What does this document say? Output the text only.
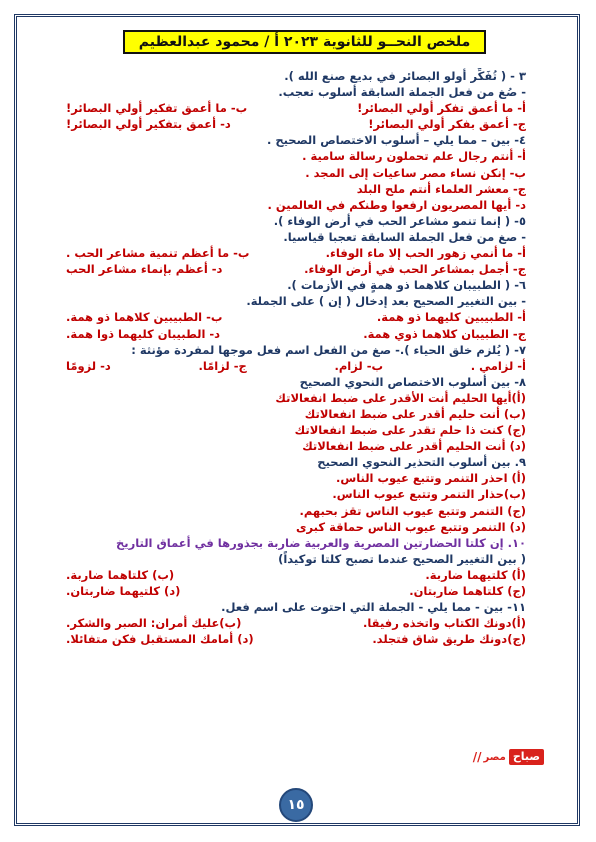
ملخص النحــو للثانوية ٢٠٢٣ أ / محمود عبدالعظيم
٣ - ( تُفَكِّر أولو البصائر في بديع صنع الله ).
- صُغ من فعل الجملة السابقة أسلوب تعجب.
أ- ما أعمق تفكر أولي البصائر!
ب- ما أعمق تفكير أولي البصائر!
ج- أعمق بفكر أولي البصائر!
د- أعمق بتفكير أولي البصائر!
٤- بين – مما يلي – أسلوب الاختصاص الصحيح .
أ- أنتم رجال علم تحملون رسالة سامية .
ب- إنكن نساء مصر ساعيات إلى المجد .
ج- معشر العلماء أنتم ملح البلد
د- أيها المصريون ارفعوا وطنكم في العالمين .
٥- ( إنما تنمو مشاعر الحب في أرض الوفاء ).
- صغ من فعل الجملة السابقة تعجبا قياسيا.
أ- ما أنمي زهور الحب إلا ماء الوفاء.
ب- ما أعظم تنمية مشاعر الحب .
ج- أجمل بمشاعر الحب في أرض الوفاء.
د- أعظم بإنماء مشاعر الحب
٦- ( الطبيبان كلاهما ذو همةٍ في الأزمات ).
- بين التغيير الصحيح بعد إدخال ( إن ) على الجملة.
أ- الطبيبين كليهما ذو همة.
ب- الطبيبين كلاهما ذو همة.
ج- الطبيبان كلاهما ذوي همة.
د- الطبيبان كليهما ذوا همة.
٧- ( يُلزم خلق الحياء ).- صغ من الفعل اسم فعل موجها لمفردة مؤنثة :
أ- لزامي .
ب- لزام.
ج- لزامًا.
د- لزومًا
٨- بين أسلوب الاختصاص النحوي الصحيح
(أ)أيها الحليم أنت الأقدر على ضبط انفعالاتك
(ب) أنت حليم أقدر على ضبط انفعالاتك
(ج) كنت ذا حلم تقدر على ضبط انفعالاتك
(د) أنت الحليم أقدر على ضبط انفعالاتك
٩. بين أسلوب التحذير النحوي الصحيح
(أ) احذر التنمر وتتبع عيوب الناس.
(ب)حذار التنمر وتتبع عيوب الناس.
(ج) التنمر وتتبع عيوب الناس تقز بحبهم.
(د) التنمر وتتبع عيوب الناس حماقة كبرى
١٠. إن كلتا الحضارتين المصرية والعربية ضاربة بجذورها في أعماق التاريخ
( بين التغيير الصحيح عندما تصبح كلتا توكيداً)
(أ) كلتيهما ضاربة.
(ب) كلتاهما ضاربة.
(ج) كلتاهما ضاربتان.
(د) كلتيهما ضاربتان.
١١- بين - مما يلي - الجملة التي احتوت على اسم فعل.
(أ)دونك الكتاب واتخذه رفيقا.
(ب)عليك أمران: الصبر والشكر.
(ج)دونك طريق شاق فتجلد.
(د) أمامك المستقبل فكن متفائلا.
صباح
مصر
//
١٥
